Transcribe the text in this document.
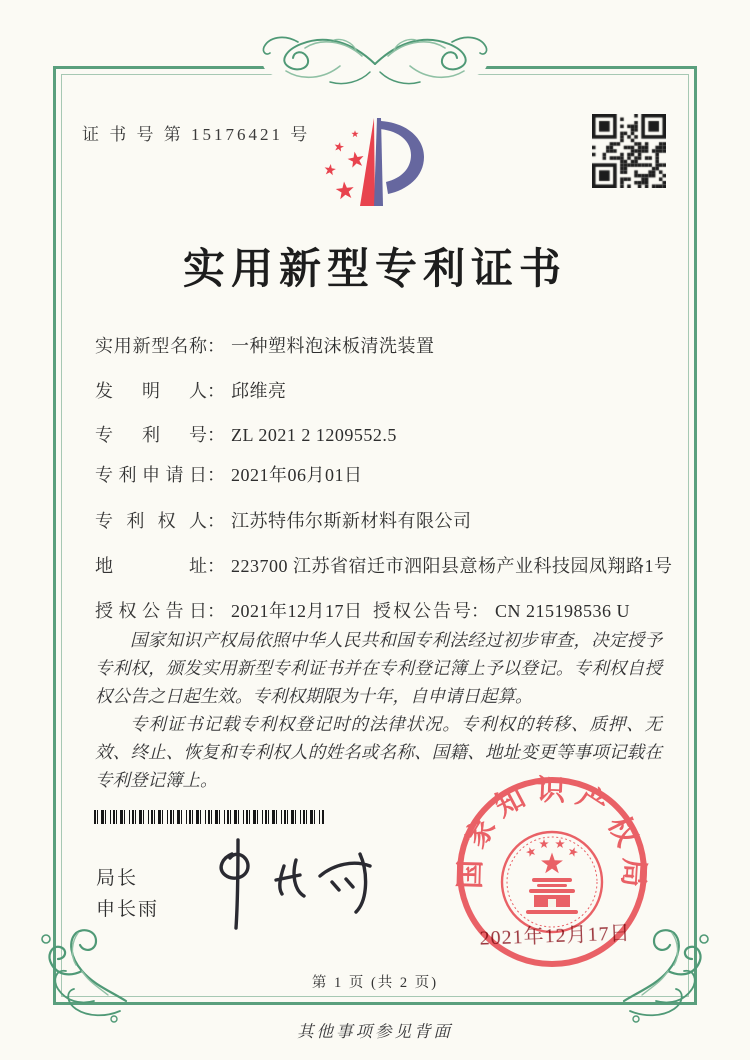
证 书 号 第 15176421 号
实用新型专利证书
实用新型名称： 一种塑料泡沫板清洗装置
发明人： 邱维亮
专利号： ZL 2021 2 1209552.5
专利申请日： 2021年06月01日
专利权人： 江苏特伟尔斯新材料有限公司
地址： 223700 江苏省宿迁市泗阳县意杨产业科技园凤翔路1号
授权公告日： 2021年12月17日 授权公告号： CN 215198536 U

国家知识产权局依照中华人民共和国专利法经过初步审查，决定授予专利权，颁发实用新型专利证书并在专利登记簿上予以登记。专利权自授权公告之日起生效。专利权期限为十年，自申请日起算。

专利证书记载专利权登记时的法律状况。专利权的转移、质押、无效、终止、恢复和专利权人的姓名或名称、国籍、地址变更等事项记载在专利登记簿上。

局长
申长雨
国家知识产权局
2021年12月17日
第 1 页 (共 2 页)
其他事项参见背面
